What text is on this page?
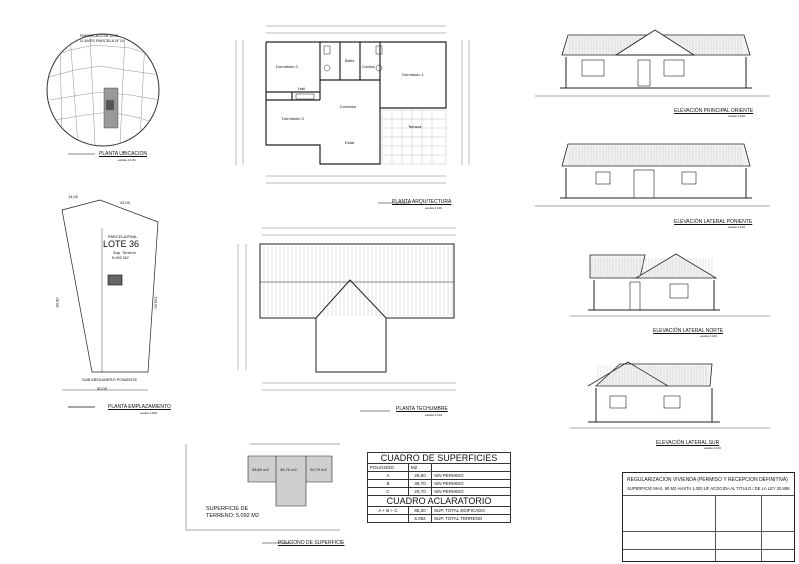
PARCELACION DOS LLAVES PARCELA N°14
PLANTA UBICACION
escala 1:1.5k
14,00
43,00
PARCELA/FINA
LOTE 36
Sup. Terreno
5.092 M2
80,00	106,00
SUB MEDIANERO PONIENTE
50,00
PLANTA EMPLAZAMIENTO
escala 1:500
Dormitorio 2
Dormitorio 1
Dormitorio 3
Comedor
Baño
Cocina
Estar
Hall
Terraza
PLANTA ARQUITECTURA
escala 1:100
PLANTA TECHUMBRE
escala 1:100
ELEVACIÓN PRINCIPAL ORIENTE
escala 1:100
ELEVACIÓN LATERAL PONIENTE
escala 1:100
ELEVACIÓN LATERAL NORTE
escala 1:100
ELEVACIÓN LATERAL SUR
escala 1:100
28,60 m2	38,70 m2	20,70 m2
SUPERFICIE DE
TERRENO: 5.092 M2
POLIGONO DE SUPERFICIE
CUADRO DE SUPERFICIES		
POLIGONO	M2	
A	28,60	SIN PERMISO
B	38,70	SIN PERMISO
C	20,70	SIN PERMISO
CUADRO ACLARATORIO		
A + B + C	88,20	SUP. TOTAL EDIFICADO
	5.092	SUP. TOTAL TERRENO
REGULARIZACION VIVIENDA (PERMISO Y RECEPCION DEFINITIVA)
SUPERFICIE MAX. 90 M2 HASTA 1.000 UF ACOGIDA AL TITULO I DE LA LEY 20.898
